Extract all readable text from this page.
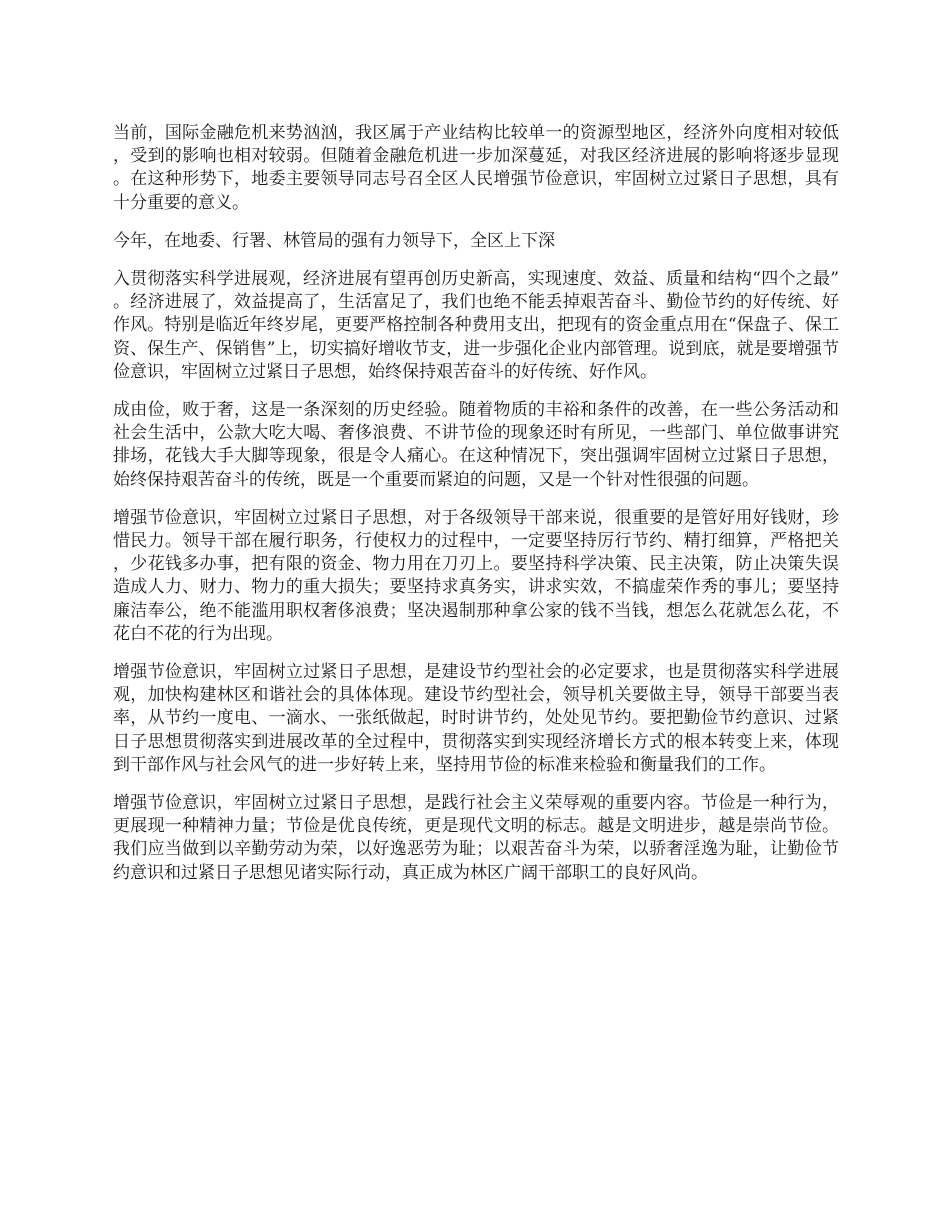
当前，国际金融危机来势汹汹，我区属于产业结构比较单一的资源型地区，经济外向度相对较低，受到的影响也相对较弱。但随着金融危机进一步加深蔓延，对我区经济进展的影响将逐步显现。在这种形势下，地委主要领导同志号召全区人民增强节俭意识，牢固树立过紧日子思想，具有十分重要的意义。

今年，在地委、行署、林管局的强有力领导下，全区上下深

入贯彻落实科学进展观，经济进展有望再创历史新高，实现速度、效益、质量和结构“四个之最”。经济进展了，效益提高了，生活富足了，我们也绝不能丢掉艰苦奋斗、勤俭节约的好传统、好作风。特别是临近年终岁尾，更要严格控制各种费用支出，把现有的资金重点用在“保盘子、保工资、保生产、保销售”上，切实搞好增收节支，进一步强化企业内部管理。说到底，就是要增强节俭意识，牢固树立过紧日子思想，始终保持艰苦奋斗的好传统、好作风。

成由俭，败于奢，这是一条深刻的历史经验。随着物质的丰裕和条件的改善，在一些公务活动和社会生活中，公款大吃大喝、奢侈浪费、不讲节俭的现象还时有所见，一些部门、单位做事讲究排场，花钱大手大脚等现象，很是令人痛心。在这种情况下，突出强调牢固树立过紧日子思想，始终保持艰苦奋斗的传统，既是一个重要而紧迫的问题，又是一个针对性很强的问题。

增强节俭意识，牢固树立过紧日子思想，对于各级领导干部来说，很重要的是管好用好钱财，珍惜民力。领导干部在履行职务，行使权力的过程中，一定要坚持厉行节约、精打细算，严格把关，少花钱多办事，把有限的资金、物力用在刀刃上。要坚持科学决策、民主决策，防止决策失误造成人力、财力、物力的重大损失；要坚持求真务实，讲求实效，不搞虚荣作秀的事儿；要坚持廉洁奉公，绝不能滥用职权奢侈浪费；坚决遏制那种拿公家的钱不当钱，想怎么花就怎么花，不花白不花的行为出现。

增强节俭意识，牢固树立过紧日子思想，是建设节约型社会的必定要求，也是贯彻落实科学进展观，加快构建林区和谐社会的具体体现。建设节约型社会，领导机关要做主导，领导干部要当表率，从节约一度电、一滴水、一张纸做起，时时讲节约，处处见节约。要把勤俭节约意识、过紧日子思想贯彻落实到进展改革的全过程中，贯彻落实到实现经济增长方式的根本转变上来，体现到干部作风与社会风气的进一步好转上来，坚持用节俭的标准来检验和衡量我们的工作。

增强节俭意识，牢固树立过紧日子思想，是践行社会主义荣辱观的重要内容。节俭是一种行为，更展现一种精神力量；节俭是优良传统，更是现代文明的标志。越是文明进步，越是崇尚节俭。我们应当做到以辛勤劳动为荣，以好逸恶劳为耻；以艰苦奋斗为荣，以骄奢淫逸为耻，让勤俭节约意识和过紧日子思想见诸实际行动，真正成为林区广阔干部职工的良好风尚。
